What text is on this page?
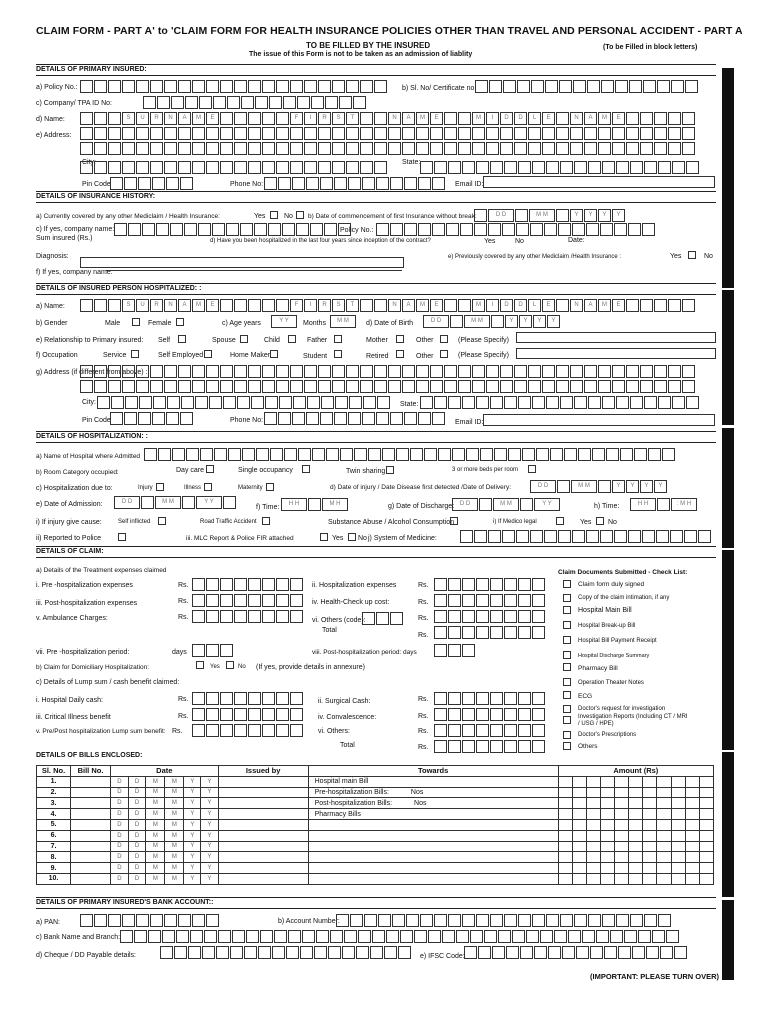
CLAIM FORM - PART A' to 'CLAIM FORM FOR HEALTH INSURANCE POLICIES OTHER THAN TRAVEL AND PERSONAL ACCIDENT - PART A
TO BE FILLED BY THE INSURED
The issue of this Form is not to be taken as an admission of liablity
(To be Filled in block letters)
SECTION A
SECTION B
SECTION C
SECTION D
SECTION E
SECTION F
SECTION G
DETAILS OF PRIMARY INSURED:
a) Policy No.:	b) Sl. No/ Certificate no.
c) Company/ TPA ID No:
d) Name:	S	U	R	N	A	M	E	F	I	R	S	T	N	A	M	E	M	I	D	D	L	E	N	A	M	E
e) Address:
City:	State:
Pin Code	Phone No:	Email ID:
DETAILS OF INSURANCE HISTORY:
a) Currently covered by any other Mediclaim / Health Insurance:	Yes	No b) Date of commencement of first Insurance without break:	D D	M M	Y	Y	Y	Y
c) If yes, company name:
Sum insured (Rs.)
Policy No.:
d) Have you been hospitalized in the last four years since inception of the contract?	Yes	No	Date:
Diagnosis:	e) Previously covered by any other Mediclaim /Health Insurance :	Yes	No
f) If yes, company name:
DETAILS OF INSURED PERSON HOSPITALIZED: :
a) Name:	S	U	R	N	A	M	E	F	I	R	S	T	N	A	M	E	M	I	D	D	L	E	N	A	M	E
b) Gender	Male	Female	c) Age years	Y Y	Months	M M	d) Date of Birth	D D	M M	Y	Y	Y	Y
e) Relationship to Primary insured: Self	Spouse	Child	Father	Mother	Other	(Please Specify)
f) Occupation	Service	Self Employed	Home Maker	Student	Retired	Other	(Please Specify)
g) Address (if different from above) :
City:	State:
Pin Code	Phone No:	Email ID:
DETAILS OF HOSPITALIZATION: :
a) Name of Hospital where Admitted
b) Room Category occupied:	Day care	Single occupancy	Twin sharing	3 or more beds per room
c) Hospitalization due to:	Injury	Illness	Maternity	d) Date of injury / Date Disease first detected /Date of Delivery:	D D	M M	Y	Y	Y	Y
e) Date of Admission:	D D	M M	Y Y
f) Time:	H H	M H	g) Date of Discharge: D D	M M	Y Y	h) Time:	H H	: M H
i) If injury give cause:	Self inflicted	Road Traffic Accident	Substance Abuse / Alcohol Consumption	i) If Medico legal	Yes No
ii) Reported to Police	iii. MLC Report & Police FIR attached	Yes No j) System of Medicine:
DETAILS OF CLAIM:
a) Details of the Treatment expenses claimed
i. Pre -hospitalization expenses	Rs.	ii. Hospitalization expenses	Rs.
iii. Post-hospitalization expenses	Rs.	iv. Health-Check up cost:	Rs.
v. Ambulance Charges:	Rs.	vi. Others (code):	Rs.
Total
Rs.
vii. Pre -hospitalization period:	days	viii. Post-hospitalization period: days
b) Claim for Domiciliary Hospitalization:	Yes	No (If yes, provide details in annexure)
c) Details of Lump sum / cash benefit claimed:
i. Hospital Daily cash:	Rs.	ii. Surgical Cash:	Rs.
iii. Critical Illness benefit	Rs.	iv. Convalescence:	Rs.
v. Pre/Post hospitalization Lump sum benefit: Rs.	vi. Others:	Rs.
Total	Rs.
Claim Documents Submitted - Check List:
Claim form duly signed
Copy of the claim intimation, if any
Hospital Main Bill
Hospital Break-up Bill
Hospital Bill Payment Receipt
Hospital Discharge Summary
Pharmacy Bill
Operation Theater Notes
ECG
Doctor's request for investigation
Investigation Reports (Including CT / MRI / USG / HPE)
Doctor's Prescriptions
Others
DETAILS OF BILLS ENCLOSED:
Sl. No.	Bill No.	Date						Issued by	Towards	Amount (Rs)										
1.		D	D	M	M	Y	Y		Hospital main Bill											
2.		D	D	M	M	Y	Y		Pre-hospitalization Bills: Nos											
3.		D	D	M	M	Y	Y		Post-hospitalization Bills: Nos											
4.		D	D	M	M	Y	Y		Pharmacy Bills											
5.		D	D	M	M	Y	Y													
6.		D	D	M	M	Y	Y													
7.		D	D	M	M	Y	Y													
8.		D	D	M	M	Y	Y													
9.		D	D	M	M	Y	Y													
10.		D	D	M	M	Y	Y													
DETAILS OF PRIMARY INSURED'S BANK ACCOUNT::
a) PAN:	b) Account Number:
c) Bank Name and Branch:
d) Cheque / DD Payable details:	e) IFSC Code:
(IMPORTANT: PLEASE TURN OVER)
